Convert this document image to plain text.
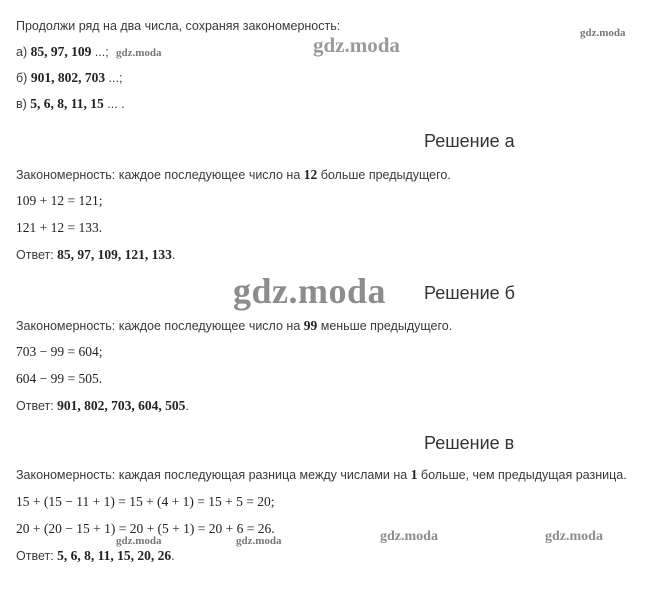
Продолжи ряд на два числа, сохраняя закономерность:
а) 85, 97, 109 ...;
б) 901, 802, 703 ...;
в) 5, 6, 8, 11, 15 ... .
Решение а
Закономерность: каждое последующее число на 12 больше предыдущего.
109 + 12 = 121;
121 + 12 = 133.
Ответ: 85, 97, 109, 121, 133.
Решение б
Закономерность: каждое последующее число на 99 меньше предыдущего.
703 − 99 = 604;
604 − 99 = 505.
Ответ: 901, 802, 703, 604, 505.
Решение в
Закономерность: каждая последующая разница между числами на 1 больше, чем предыдущая разница.
15 + (15 − 11 + 1) = 15 + (4 + 1) = 15 + 5 = 20;
20 + (20 − 15 + 1) = 20 + (5 + 1) = 20 + 6 = 26.
Ответ: 5, 6, 8, 11, 15, 20, 26.
gdz.moda	gdz.moda	gdz.moda
gdz.moda
gdz.moda	gdz.moda	gdz.moda	gdz.moda
